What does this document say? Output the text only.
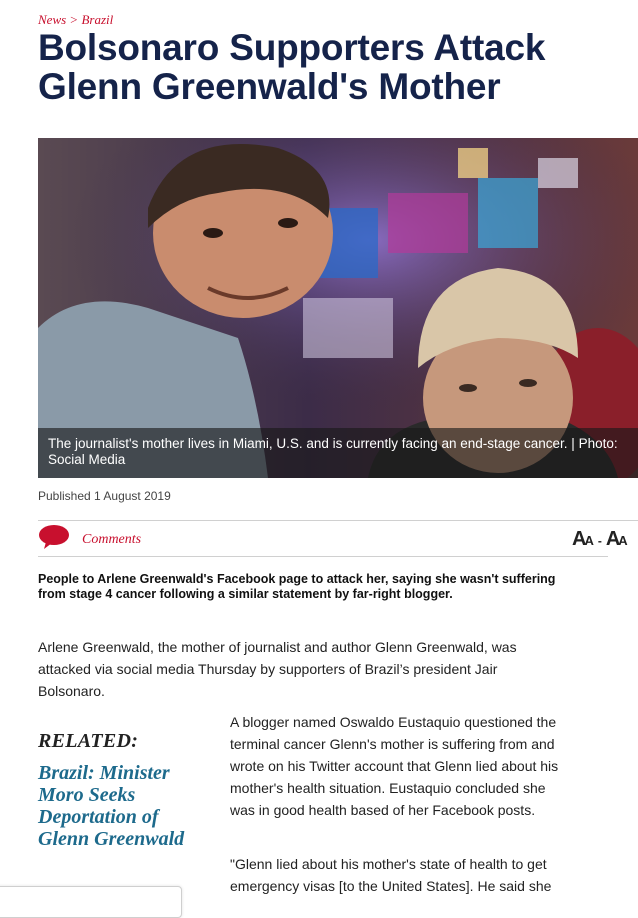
News > Brazil
Bolsonaro Supporters Attack Glenn Greenwald's Mother
The journalist's mother lives in Miami, U.S. and is currently facing an end-stage cancer. | Photo: Social Media
Published 1 August 2019
Comments	A
A - A
A

People to Arlene Greenwald's Facebook page to attack her, saying she wasn't suffering from stage 4 cancer following a similar statement by far-right blogger.

Arlene Greenwald, the mother of journalist and author Glenn Greenwald, was attacked via social media Thursday by supporters of Brazil’s president Jair Bolsonaro.

RELATED:
Brazil: Minister Moro Seeks Deportation of Glenn Greenwald

A blogger named Oswaldo Eustaquio questioned the terminal cancer Glenn's mother is suffering from and wrote on his Twitter account that Glenn lied about his mother's health situation. Eustaquio concluded she was in good health based of her Facebook posts.

"Glenn lied about his mother's state of health to get emergency visas [to the United States]. He said she
